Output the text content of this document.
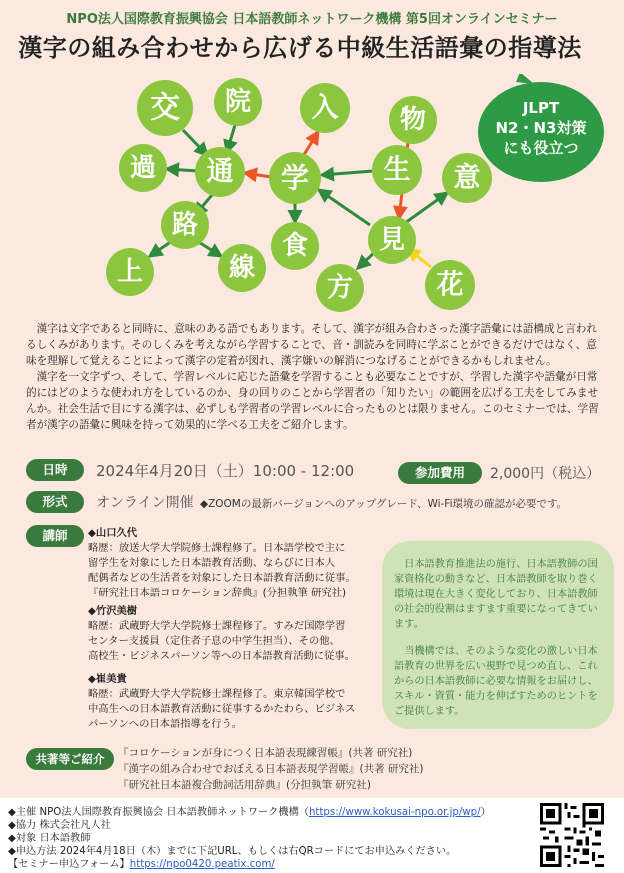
NPO法人国際教育振興協会 日本語教師ネットワーク機構 第5回オンラインセミナー
漢字の組み合わせから広げる中級生活語彙の指導法
交 院 入 物
過 通 学	生 意
路
食	見
上	線
花
方
JLPT
N2・N3対策
にも役立つ

漢字は文字であると同時に、意味のある語でもあります。そして、漢字が組み合わさった漢字語彙には語構成と言われるしくみがあります。そのしくみを考えながら学習することで、音・訓読みを同時に学ぶことができるだけではなく、意味を理解して覚えることによって漢字の定着が図れ、漢字嫌いの解消につなげることができるかもしれません。

漢字を一文字ずつ、そして、学習レベルに応じた語彙を学習することも必要なことですが、学習した漢字や語彙が日常的にはどのような使われ方をしているのか、身の回りのことから学習者の「知りたい」の範囲を広げる工夫をしてみませんか。社会生活で目にする漢字は、必ずしも学習者の学習レベルに合ったものとは限りません。このセミナーでは、学習者が漢字の語彙に興味を持って効果的に学べる工夫をご紹介します。

日時	2024年4月20日（土）10:00 - 12:00	参加費用	2,000円（税込）
形式	オンライン開催 ◆ZOOMの最新バージョンへのアップグレード、Wi-Fi環境の確認が必要です。
講師	◆山口久代
略歴：放送大学大学院修士課程修了。日本語学校で主に
留学生を対象にした日本語教育活動、ならびに日本人
配偶者などの生活者を対象にした日本語教育活動に従事。
『研究社日本語コロケーション辞典』(分担執筆 研究社)
◆竹沢美樹
略歴：武蔵野大学大学院修士課程修了。すみだ国際学習
センター支援員（定住者子息の中学生担当）、その他、
高校生・ビジネスパーソン等への日本語教育活動に従事。
◆崔美貴
略歴：武蔵野大学大学院修士課程修了。東京韓国学校で
中高生への日本語教育活動に従事するかたわら、ビジネス
パーソンへの日本語指導を行う。

日本語教育推進法の施行、日本語教師の国家資格化の動きなど、日本語教師を取り巻く環境は現在大きく変化しており、日本語教師の社会的役割はますます重要になってきています。

当機構では、そのような変化の激しい日本語教育の世界を広い視野で見つめ直し、これからの日本語教師に必要な情報をお届けし、スキル・資質・能力を伸ばすためのヒントをご提供します。

共著等ご紹介	『コロケーションが身につく日本語表現練習帳』(共著 研究社)
『漢字の組み合わせでおぼえる日本語表現学習帳』(共著 研究社)
『研究社日本語複合動詞活用辞典』(分担執筆 研究社)
◆主催 NPO法人国際教育振興協会 日本語教師ネットワーク機構（https://www.kokusai-npo.or.jp/wp/）
◆協力 株式会社凡人社
◆対象 日本語教師
◆申込方法 2024年4月18日（木）までに下記URL、もしくは右QRコードにてお申込みください。
【セミナー申込フォーム】https://npo0420.peatix.com/
